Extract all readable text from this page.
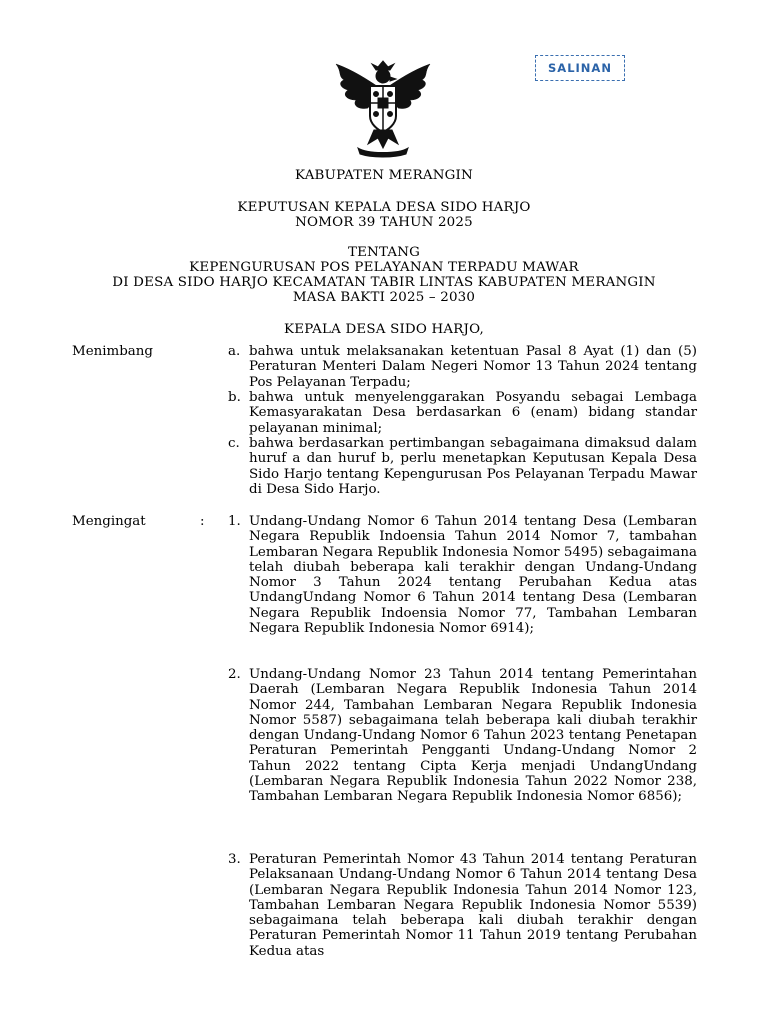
SALINAN
KABUPATEN MERANGIN
KEPUTUSAN KEPALA DESA SIDO HARJO
NOMOR 39 TAHUN 2025
TENTANG
KEPENGURUSAN POS PELAYANAN TERPADU MAWAR
DI DESA SIDO HARJO KECAMATAN TABIR LINTAS KABUPATEN MERANGIN
MASA BAKTI 2025 – 2030
KEPALA DESA SIDO HARJO,
Menimbang	a. bahwa untuk melaksanakan ketentuan Pasal 8 Ayat (1) dan (5) Peraturan Menteri Dalam Negeri Nomor 13 Tahun 2024 tentang Pos Pelayanan Terpadu;
b. bahwa untuk menyelenggarakan Posyandu sebagai Lembaga Kemasyarakatan Desa berdasarkan 6 (enam) bidang standar pelayanan minimal;
c. bahwa berdasarkan pertimbangan sebagaimana dimaksud dalam huruf a dan huruf b, perlu menetapkan Keputusan Kepala Desa Sido Harjo tentang Kepengurusan Pos Pelayanan Terpadu Mawar di Desa Sido Harjo.
Mengingat	: 1. Undang-Undang Nomor 6 Tahun 2014 tentang Desa (Lembaran Negara Republik Indoensia Tahun 2014 Nomor 7, tambahan Lembaran Negara Republik Indonesia Nomor 5495) sebagaimana telah diubah beberapa kali terakhir dengan Undang-Undang Nomor 3 Tahun 2024 tentang Perubahan Kedua atas UndangUndang Nomor 6 Tahun 2014 tentang Desa (Lembaran Negara Republik Indoensia Nomor 77, Tambahan Lembaran Negara Republik Indonesia Nomor 6914);
2. Undang-Undang Nomor 23 Tahun 2014 tentang Pemerintahan Daerah (Lembaran Negara Republik Indonesia Tahun 2014 Nomor 244, Tambahan Lembaran Negara Republik Indonesia Nomor 5587) sebagaimana telah beberapa kali diubah terakhir dengan Undang-Undang Nomor 6 Tahun 2023 tentang Penetapan Peraturan Pemerintah Pengganti Undang-Undang Nomor 2 Tahun 2022 tentang Cipta Kerja menjadi UndangUndang (Lembaran Negara Republik Indonesia Tahun 2022 Nomor 238, Tambahan Lembaran Negara Republik Indonesia Nomor 6856);
3. Peraturan Pemerintah Nomor 43 Tahun 2014 tentang Peraturan Pelaksanaan Undang-Undang Nomor 6 Tahun 2014 tentang Desa (Lembaran Negara Republik Indonesia Tahun 2014 Nomor 123, Tambahan Lembaran Negara Republik Indonesia Nomor 5539) sebagaimana telah beberapa kali diubah terakhir dengan Peraturan Pemerintah Nomor 11 Tahun 2019 tentang Perubahan Kedua atas
